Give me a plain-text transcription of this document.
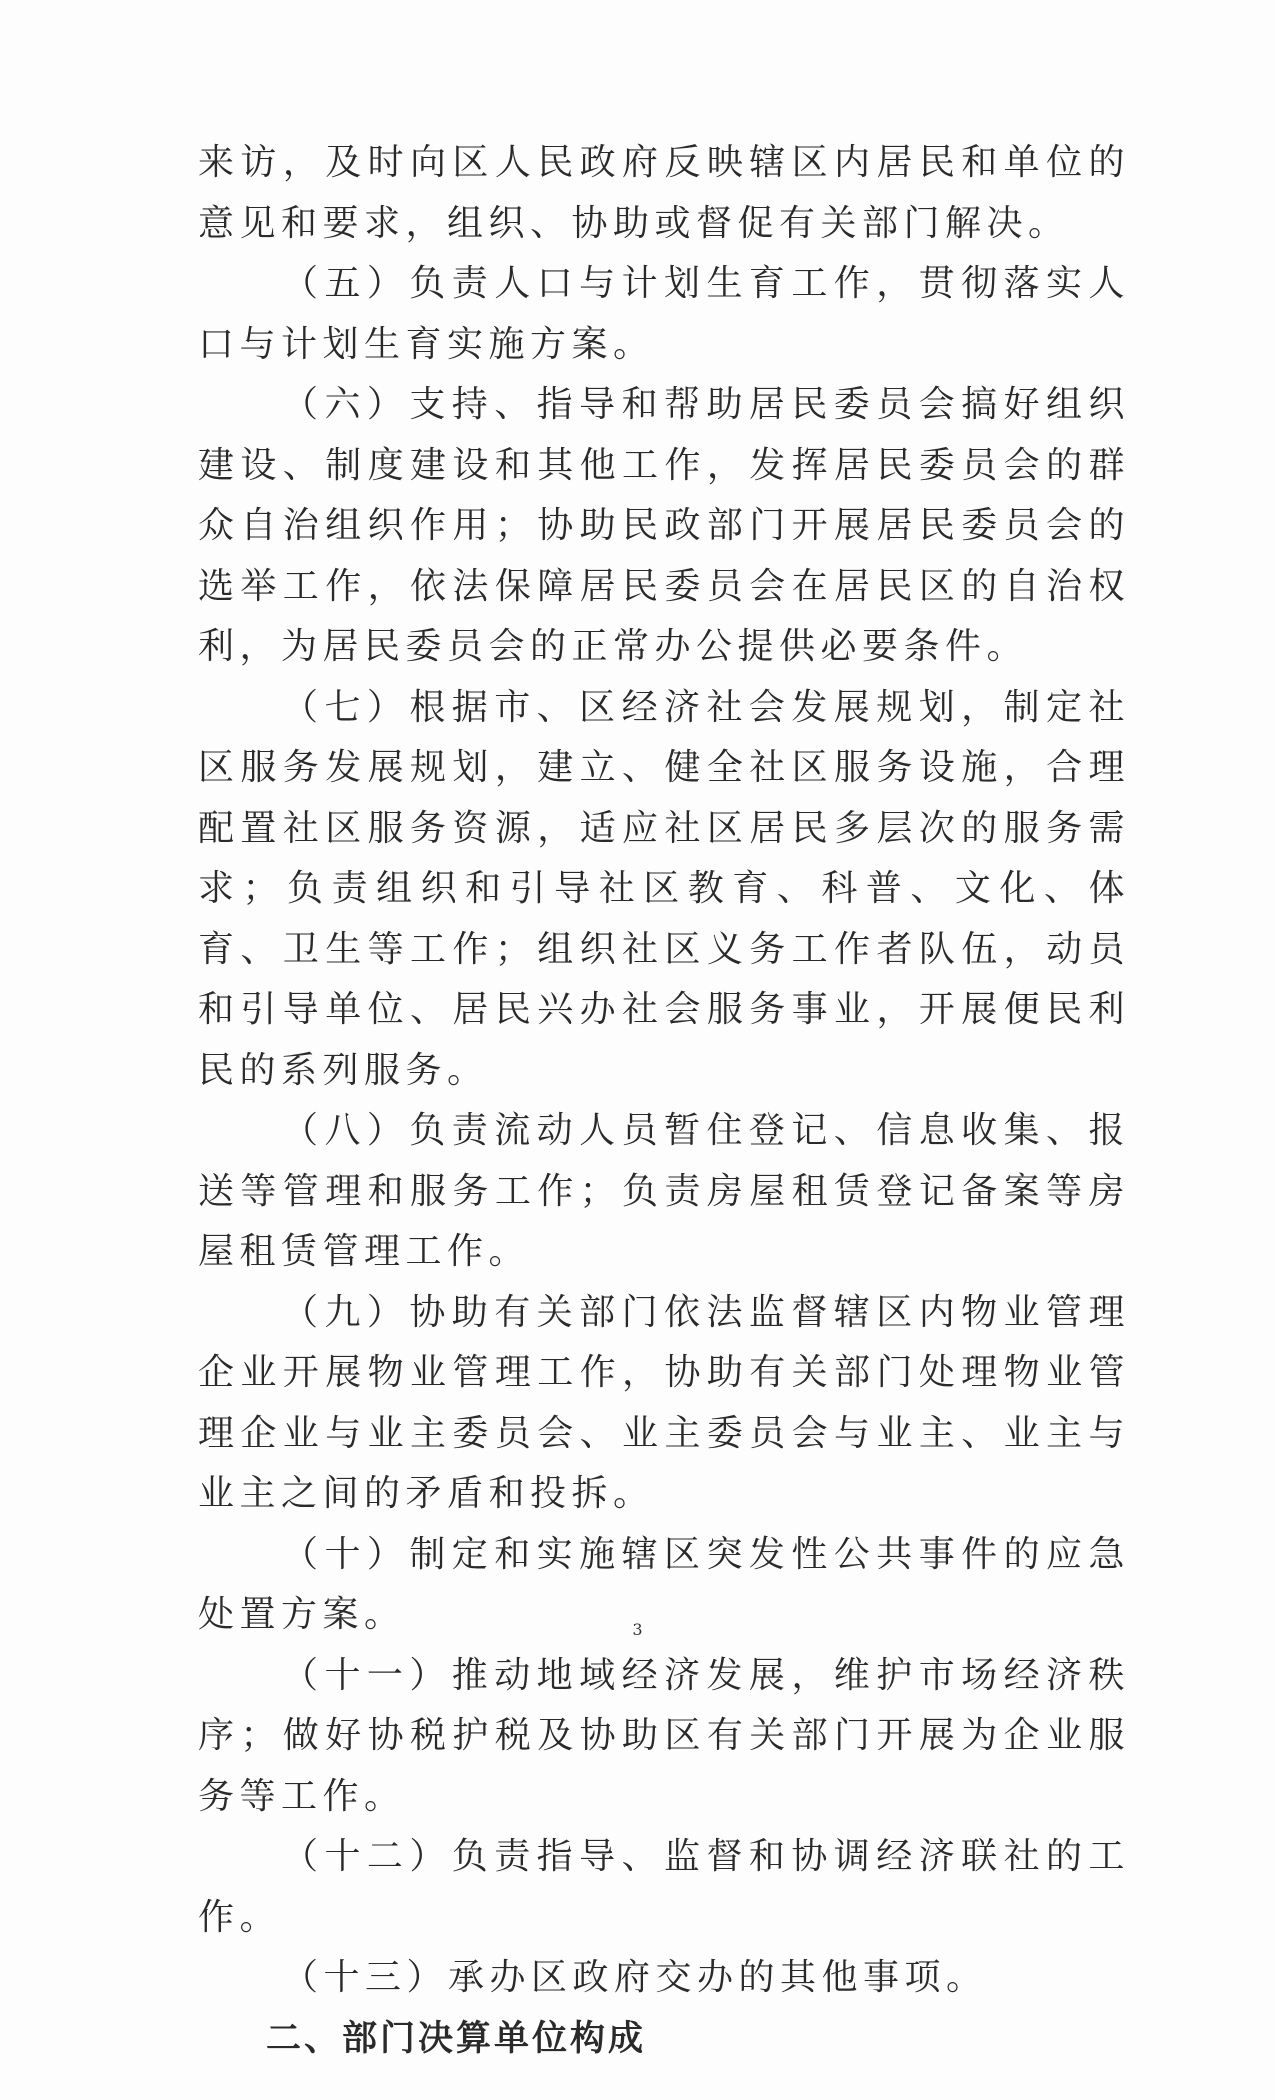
来访，及时向区人民政府反映辖区内居民和单位的意见和要求，组织、协助或督促有关部门解决。

（五）负责人口与计划生育工作，贯彻落实人口与计划生育实施方案。

（六）支持、指导和帮助居民委员会搞好组织建设、制度建设和其他工作，发挥居民委员会的群众自治组织作用；协助民政部门开展居民委员会的选举工作，依法保障居民委员会在居民区的自治权利，为居民委员会的正常办公提供必要条件。

（七）根据市、区经济社会发展规划，制定社区服务发展规划，建立、健全社区服务设施，合理配置社区服务资源，适应社区居民多层次的服务需求；负责组织和引导社区教育、科普、文化、体育、卫生等工作；组织社区义务工作者队伍，动员和引导单位、居民兴办社会服务事业，开展便民利民的系列服务。

（八）负责流动人员暂住登记、信息收集、报送等管理和服务工作；负责房屋租赁登记备案等房屋租赁管理工作。

（九）协助有关部门依法监督辖区内物业管理企业开展物业管理工作，协助有关部门处理物业管理企业与业主委员会、业主委员会与业主、业主与业主之间的矛盾和投拆。

（十）制定和实施辖区突发性公共事件的应急处置方案。

（十一）推动地域经济发展，维护市场经济秩序；做好协税护税及协助区有关部门开展为企业服务等工作。

（十二）负责指导、监督和协调经济联社的工作。

（十三）承办区政府交办的其他事项。

二、部门决算单位构成

3
